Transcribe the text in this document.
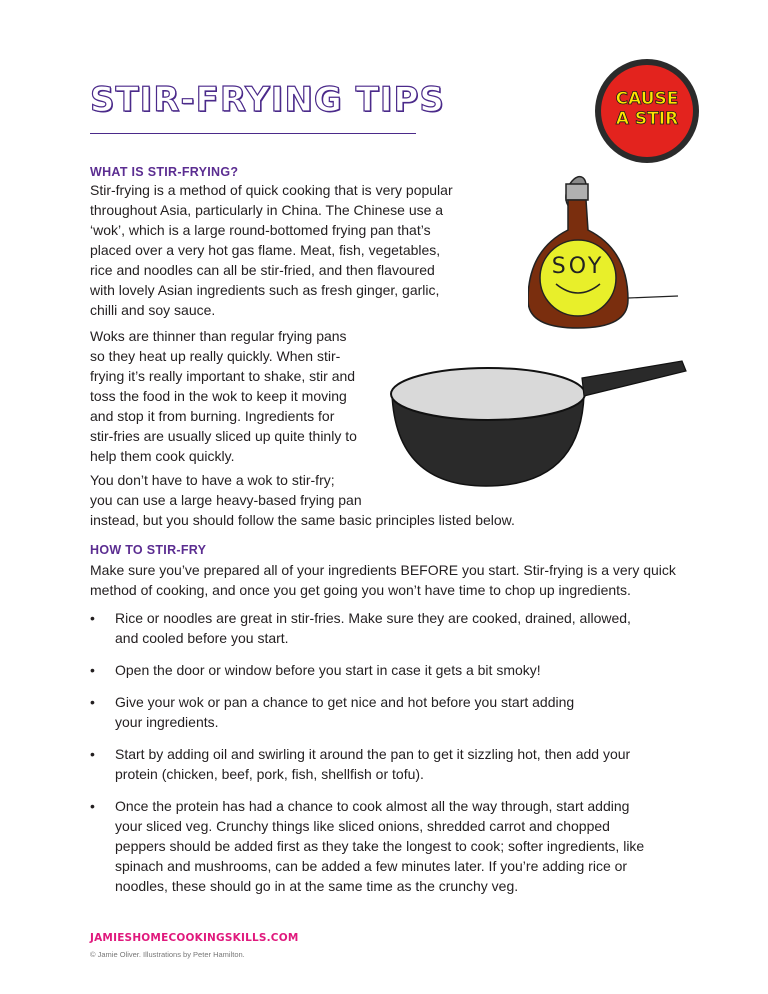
STIR-FRYING TIPS	CAUSE
A STIR
SOY
WHAT IS STIR-FRYING?

Stir-frying is a method of quick cooking that is very popular
throughout Asia, particularly in China. The Chinese use a
‘wok’, which is a large round-bottomed frying pan that’s
placed over a very hot gas flame. Meat, fish, vegetables,
rice and noodles can all be stir-fried, and then flavoured
with lovely Asian ingredients such as fresh ginger, garlic,
chilli and soy sauce.

Woks are thinner than regular frying pans
so they heat up really quickly. When stir-
frying it’s really important to shake, stir and
toss the food in the wok to keep it moving
and stop it from burning. Ingredients for
stir-fries are usually sliced up quite thinly to
help them cook quickly.

You don’t have to have a wok to stir-fry;
you can use a large heavy-based frying pan
instead, but you should follow the same basic principles listed below.

HOW TO STIR-FRY

Make sure you’ve prepared all of your ingredients BEFORE you start. Stir-frying is a very quick
method of cooking, and once you get going you won’t have time to chop up ingredients.

• Rice or noodles are great in stir-fries. Make sure they are cooked, drained, allowed,
and cooled before you start.
• Open the door or window before you start in case it gets a bit smoky!
• Give your wok or pan a chance to get nice and hot before you start adding
your ingredients.
• Start by adding oil and swirling it around the pan to get it sizzling hot, then add your
protein (chicken, beef, pork, fish, shellfish or tofu).
• Once the protein has had a chance to cook almost all the way through, start adding
your sliced veg. Crunchy things like sliced onions, shredded carrot and chopped
peppers should be added first as they take the longest to cook; softer ingredients, like
spinach and mushrooms, can be added a few minutes later. If you’re adding rice or
noodles, these should go in at the same time as the crunchy veg.

JAMIESHOMECOOKINGSKILLS.COM

© Jamie Oliver. Illustrations by Peter Hamilton.
